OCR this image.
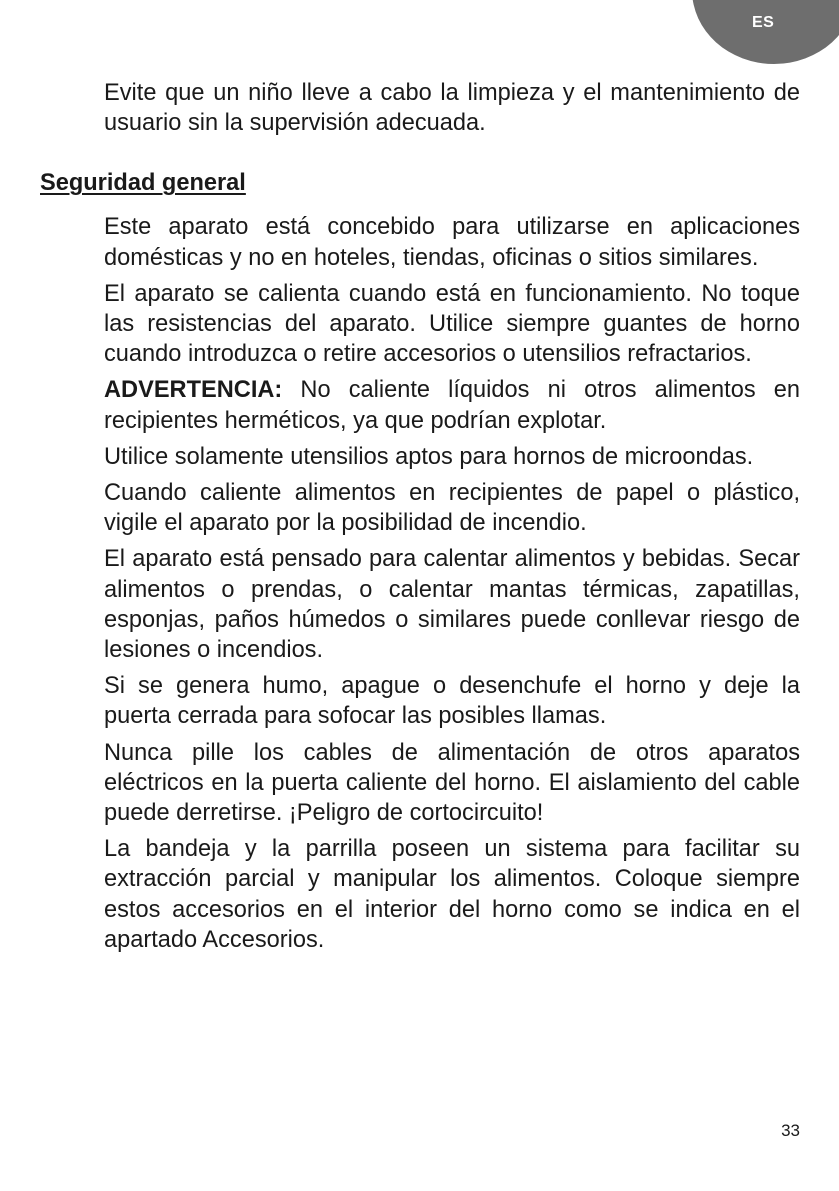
ES

Evite que un niño lleve a cabo la limpieza y el mantenimiento de usuario sin la supervisión adecuada.

Seguridad general

Este aparato está concebido para utilizarse en aplicaciones domésticas y no en hoteles, tiendas, oficinas o sitios similares.

El aparato se calienta cuando está en funcionamiento. No toque las resistencias del aparato. Utilice siempre guantes de horno cuando introduzca o retire accesorios o utensilios refractarios.

ADVERTENCIA: No caliente líquidos ni otros alimentos en recipientes herméticos, ya que podrían explotar.

Utilice solamente utensilios aptos para hornos de microondas.

Cuando caliente alimentos en recipientes de papel o plástico, vigile el aparato por la posibilidad de incendio.

El aparato está pensado para calentar alimentos y bebidas. Secar alimentos o prendas, o calentar mantas térmicas, zapatillas, esponjas, paños húmedos o similares puede conllevar riesgo de lesiones o incendios.

Si se genera humo, apague o desenchufe el horno y deje la puerta cerrada para sofocar las posibles llamas.

Nunca pille los cables de alimentación de otros aparatos eléctricos en la puerta caliente del horno. El aislamiento del cable puede derretirse. ¡Peligro de cortocircuito!

La bandeja y la parrilla poseen un sistema para facilitar su extracción parcial y manipular los alimentos. Coloque siempre estos accesorios en el interior del horno como se indica en el apartado Accesorios.

33
